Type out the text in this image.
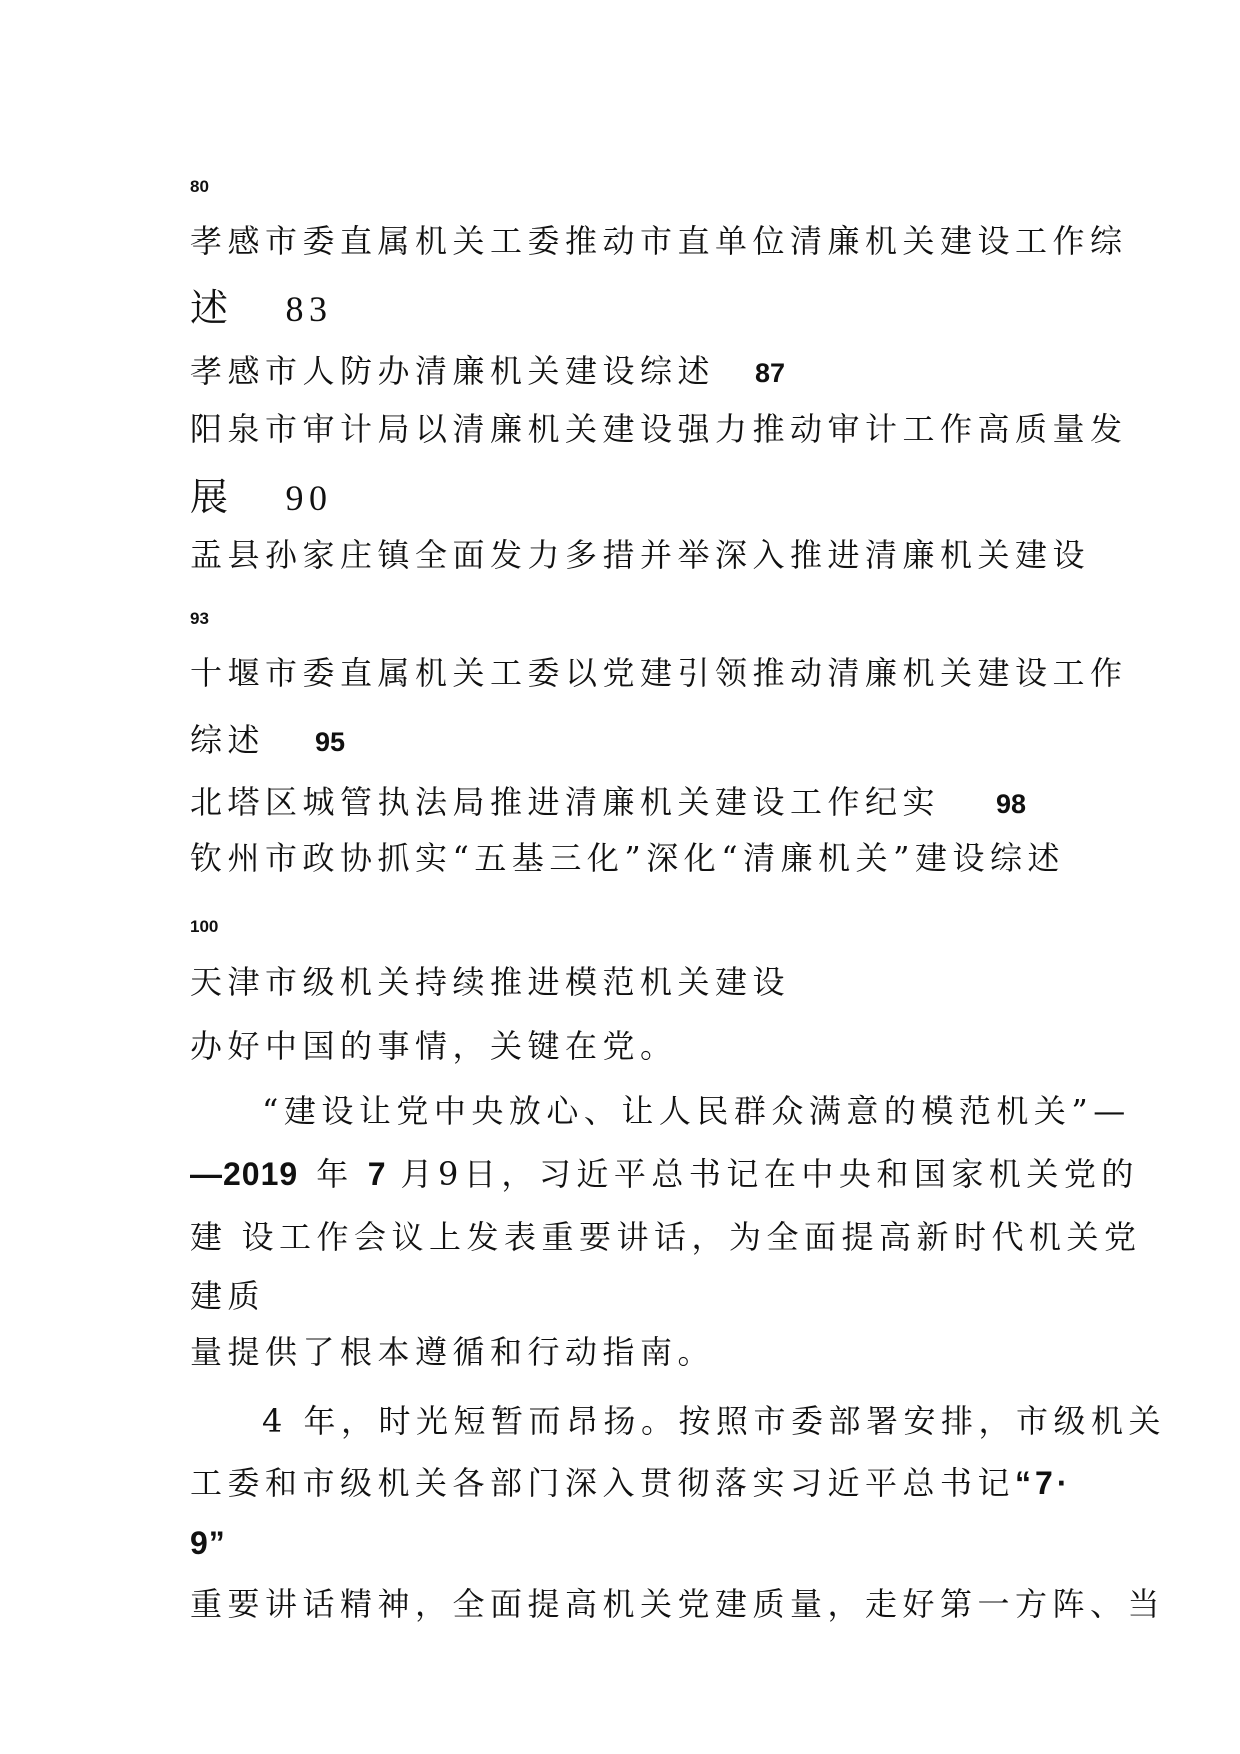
80
孝感市委直属机关工委推动市直单位清廉机关建设工作综
述 83
孝感市人防办清廉机关建设综述 87
阳泉市审计局以清廉机关建设强力推动审计工作高质量发
展 90
盂县孙家庄镇全面发力多措并举深入推进清廉机关建设
93
十堰市委直属机关工委以党建引领推动清廉机关建设工作
综述 95
北塔区城管执法局推进清廉机关建设工作纪实 98
钦州市政协抓实“五基三化”深化“清廉机关”建设综述
100
天津市级机关持续推进模范机关建设
办好中国的事情，关键在党。
“建设让党中央放心、让人民群众满意的模范机关”—
—2019 年 7 月9日，习近平总书记在中央和国家机关党的
建 设工作会议上发表重要讲话，为全面提高新时代机关党
建质
量提供了根本遵循和行动指南。
4 年，时光短暂而昂扬。按照市委部署安排，市级机关
工委和市级机关各部门深入贯彻落实习近平总书记“7·
9”
重要讲话精神，全面提高机关党建质量，走好第一方阵、当
